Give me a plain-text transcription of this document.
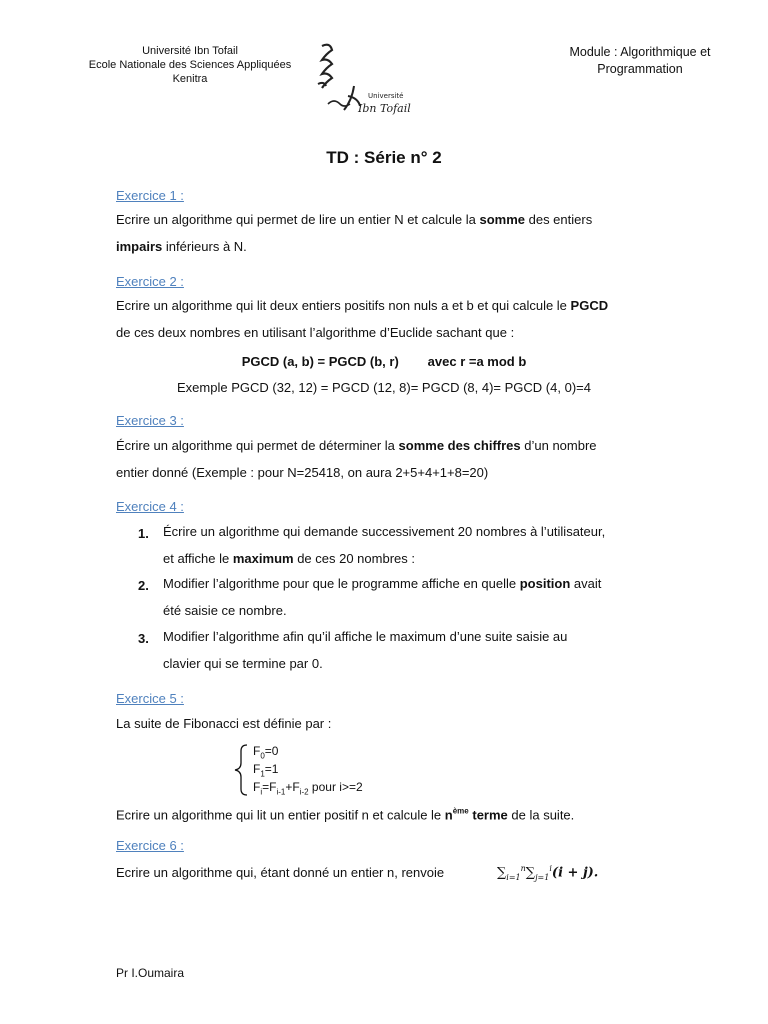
Université Ibn Tofail
Ecole Nationale des Sciences Appliquées
Kenitra
Université
Ibn Tofail
Module : Algorithmique et
Programmation
TD : Série n° 2
Exercice 1 :
Ecrire un algorithme qui permet de lire un entier N et calcule la somme des entiers
impairs inférieurs à N.
Exercice 2 :
Ecrire un algorithme qui lit deux entiers positifs non nuls a et b et qui calcule le PGCD
de ces deux nombres en utilisant l’algorithme d’Euclide sachant que :
PGCD (a, b) = PGCD (b, r)        avec r =a mod b
Exemple PGCD (32, 12) = PGCD (12, 8)= PGCD (8, 4)= PGCD (4, 0)=4
Exercice 3 :
Écrire un algorithme qui permet de déterminer la somme des chiffres d’un nombre
entier donné (Exemple : pour N=25418, on aura 2+5+4+1+8=20)
Exercice 4 :
1. Écrire un algorithme qui demande successivement 20 nombres à l’utilisateur,
et affiche le maximum de ces 20 nombres :
2. Modifier l’algorithme pour que le programme affiche en quelle position avait
été saisie ce nombre.
3. Modifier l’algorithme afin qu’il affiche le maximum d’une suite saisie au
clavier qui se termine par 0.
Exercice 5 :
La suite de Fibonacci est définie par :
$F_0=0$
$F_1=1$
$F_i=F_{i-1}+F_{i-2}$ pour i>=2
Ecrire un algorithme qui lit un entier positif n et calcule le $n^{ème}$ terme de la suite.
Exercice 6 :
Ecrire un algorithme qui, étant donné un entier n, renvoie	$\sum_{i=1}^n\sum_{j=1}^i(i + j)$.
Pr I.Oumaira
